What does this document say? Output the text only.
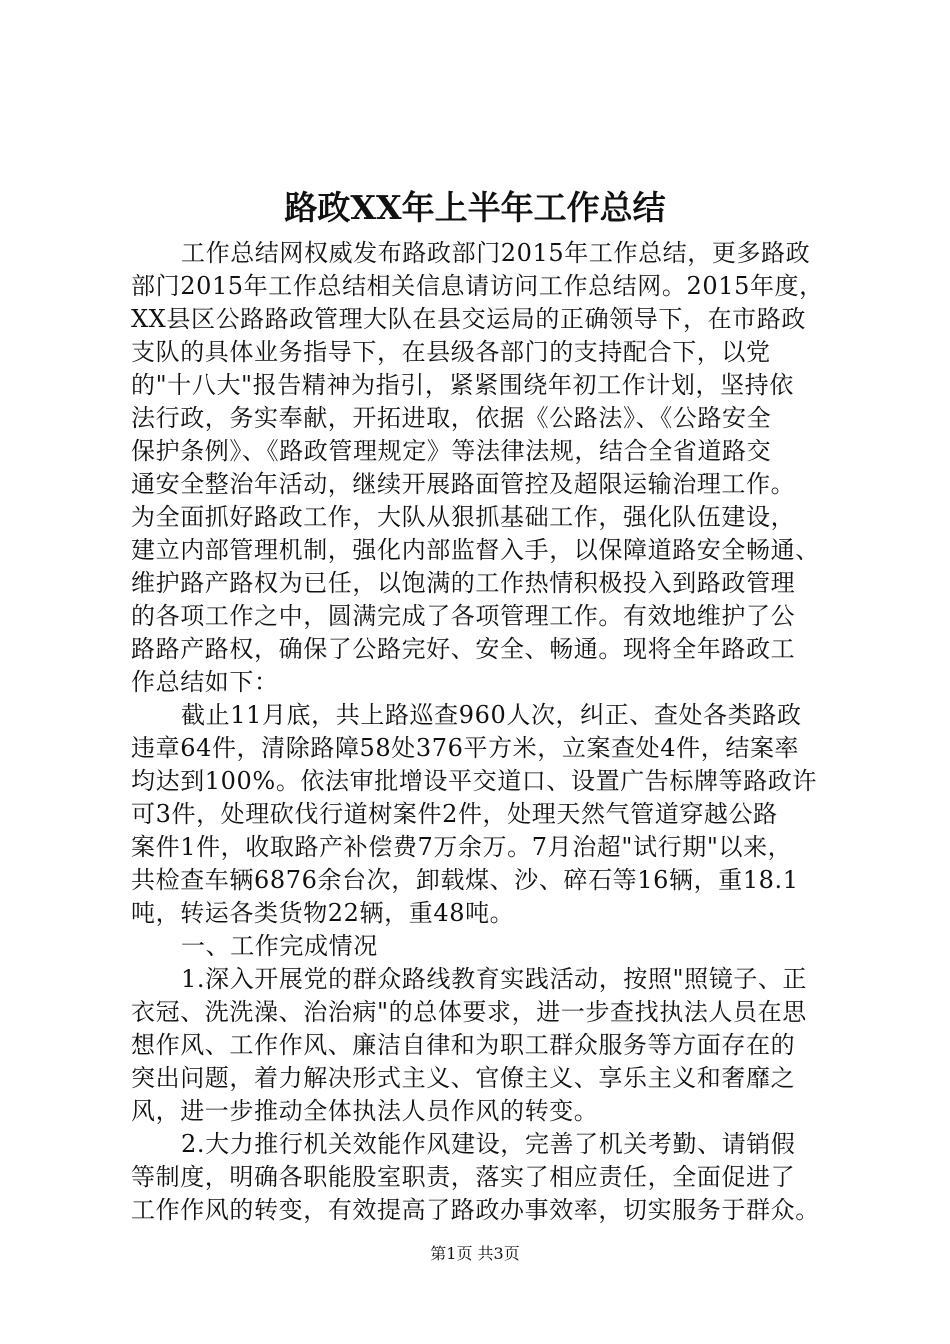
路政XX年上半年工作总结
工作总结网权威发布路政部门2015年工作总结，更多路政
部门2015年工作总结相关信息请访问工作总结网。2015年度，
XX县区公路路政管理大队在县交运局的正确领导下，在市路政
支队的具体业务指导下，在县级各部门的支持配合下，以党
的"十八大"报告精神为指引，紧紧围绕年初工作计划，坚持依
法行政，务实奉献，开拓进取，依据《公路法》、《公路安全
保护条例》、《路政管理规定》等法律法规，结合全省道路交
通安全整治年活动，继续开展路面管控及超限运输治理工作。
为全面抓好路政工作，大队从狠抓基础工作，强化队伍建设，
建立内部管理机制，强化内部监督入手，以保障道路安全畅通、
维护路产路权为已任，以饱满的工作热情积极投入到路政管理
的各项工作之中，圆满完成了各项管理工作。有效地维护了公
路路产路权，确保了公路完好、安全、畅通。现将全年路政工
作总结如下：
截止11月底，共上路巡查960人次，纠正、查处各类路政
违章64件，清除路障58处376平方米，立案查处4件，结案率
均达到100%。依法审批增设平交道口、设置广告标牌等路政许
可3件，处理砍伐行道树案件2件，处理天然气管道穿越公路
案件1件，收取路产补偿费7万余万。7月治超"试行期"以来，
共检查车辆6876余台次，卸载煤、沙、碎石等16辆，重18.1
吨，转运各类货物22辆，重48吨。
一、工作完成情况
1.深入开展党的群众路线教育实践活动，按照"照镜子、正
衣冠、洗洗澡、治治病"的总体要求，进一步查找执法人员在思
想作风、工作作风、廉洁自律和为职工群众服务等方面存在的
突出问题，着力解决形式主义、官僚主义、享乐主义和奢靡之
风，进一步推动全体执法人员作风的转变。
2.大力推行机关效能作风建设，完善了机关考勤、请销假
等制度，明确各职能股室职责，落实了相应责任，全面促进了
工作作风的转变，有效提高了路政办事效率，切实服务于群众。
第1页 共3页
